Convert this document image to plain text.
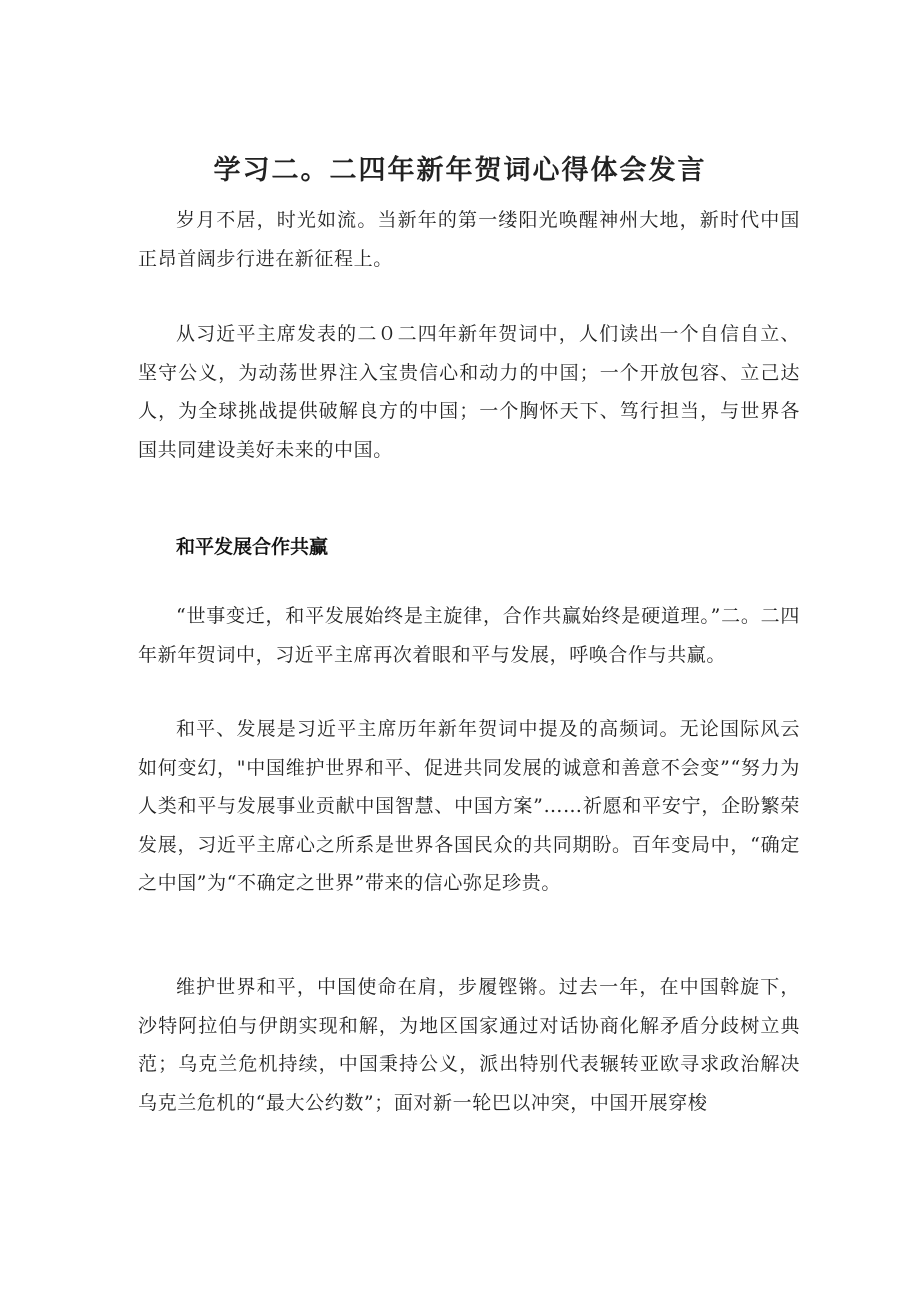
学习二。二四年新年贺词心得体会发言

岁月不居，时光如流。当新年的第一缕阳光唤醒神州大地，新时代中国正昂首阔步行进在新征程上。

从习近平主席发表的二０二四年新年贺词中，人们读出一个自信自立、坚守公义，为动荡世界注入宝贵信心和动力的中国；一个开放包容、立己达人，为全球挑战提供破解良方的中国；一个胸怀天下、笃行担当，与世界各国共同建设美好未来的中国。

和平发展合作共赢

“世事变迁，和平发展始终是主旋律，合作共赢始终是硬道理。”二。二四年新年贺词中，习近平主席再次着眼和平与发展，呼唤合作与共赢。

和平、发展是习近平主席历年新年贺词中提及的高频词。无论国际风云如何变幻，"中国维护世界和平、促进共同发展的诚意和善意不会变”“努力为人类和平与发展事业贡献中国智慧、中国方案”……祈愿和平安宁，企盼繁荣发展，习近平主席心之所系是世界各国民众的共同期盼。百年变局中，“确定之中国”为“不确定之世界”带来的信心弥足珍贵。

维护世界和平，中国使命在肩，步履铿锵。过去一年，在中国斡旋下，沙特阿拉伯与伊朗实现和解，为地区国家通过对话协商化解矛盾分歧树立典范；乌克兰危机持续，中国秉持公义，派出特别代表辗转亚欧寻求政治解决乌克兰危机的“最大公约数”；面对新一轮巴以冲突，中国开展穿梭
